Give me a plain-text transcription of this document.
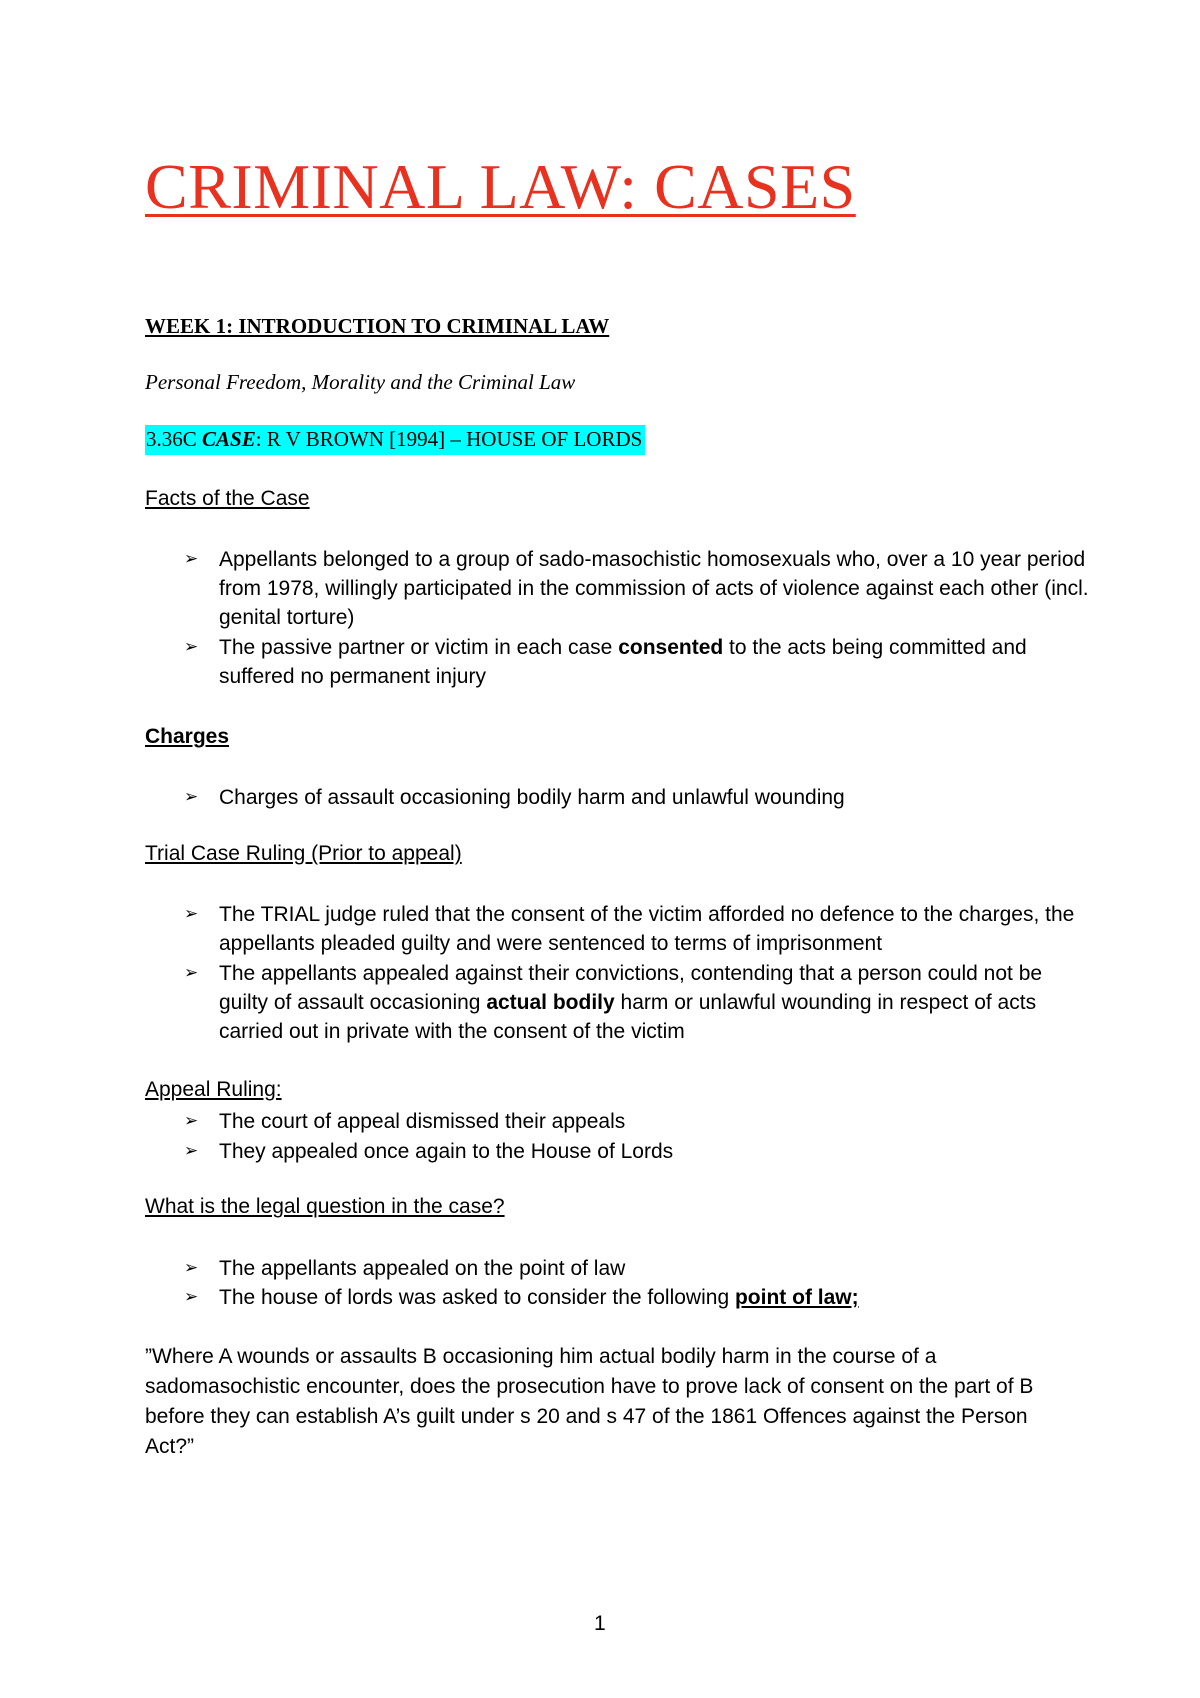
CRIMINAL LAW: CASES
WEEK 1: INTRODUCTION TO CRIMINAL LAW
Personal Freedom, Morality and the Criminal Law
3.36C CASE: R V BROWN [1994] – HOUSE OF LORDS
Facts of the Case
➢ Appellants belonged to a group of sado-masochistic homosexuals who, over a 10 year period from 1978, willingly participated in the commission of acts of violence against each other (incl. genital torture)
➢ The passive partner or victim in each case consented to the acts being committed and suffered no permanent injury
Charges
➢ Charges of assault occasioning bodily harm and unlawful wounding
Trial Case Ruling (Prior to appeal)
➢ The TRIAL judge ruled that the consent of the victim afforded no defence to the charges, the appellants pleaded guilty and were sentenced to terms of imprisonment
➢ The appellants appealed against their convictions, contending that a person could not be guilty of assault occasioning actual bodily harm or unlawful wounding in respect of acts carried out in private with the consent of the victim
Appeal Ruling:
➢ The court of appeal dismissed their appeals
➢ They appealed once again to the House of Lords
What is the legal question in the case?
➢ The appellants appealed on the point of law
➢ The house of lords was asked to consider the following point of law;
”Where A wounds or assaults B occasioning him actual bodily harm in the course of a sadomasochistic encounter, does the prosecution have to prove lack of consent on the part of B before they can establish A’s guilt under s 20 and s 47 of the 1861 Offences against the Person Act?”
1
